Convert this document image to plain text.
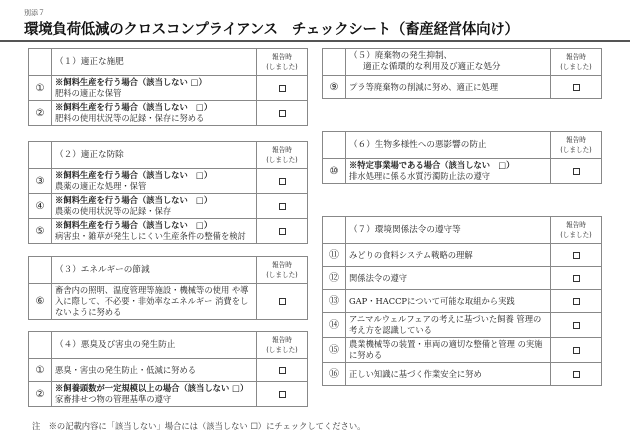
別添７
環境負荷低減のクロスコンプライアンス　チェックシート（畜産経営体向け）
	（１）適正な施肥	報告時
(しました)
①	※飼料生産を行う場合（該当しない □）
肥料の適正な保管	

②	※飼料生産を行う場合（該当しない　□）
肥料の使用状況等の記録・保存に努める	

	（２）適正な防除	報告時
(しました)
③	※飼料生産を行う場合（該当しない　□）
農薬の適正な処理・保管	

④	※飼料生産を行う場合（該当しない　□）
農薬の使用状況等の記録・保存	

⑤	※飼料生産を行う場合（該当しない　□）
病害虫・雑草が発生しにくい生産条件の整備を検討	

	（３）エネルギーの節減	報告時
(しました)
⑥	畜舎内の照明、温度管理等施設・機械等の使用 や導入に際して、不必要・非効率なエネルギー 消費をしないように努める	

	（４）悪臭及び害虫の発生防止	報告時
(しました)
①	悪臭・害虫の発生防止・低減に努める	

②	※飼養頭数が一定規模以上の場合（該当しない □）
家畜排せつ物の管理基準の遵守	

	（５）廃棄物の発生抑制、
適正な循環的な利用及び適正な処分	報告時
(しました)
⑨	プラ等廃棄物の削減に努め、適正に処理	

	（６）生物多様性への悪影響の防止	報告時
(しました)
⑩	※特定事業場である場合（該当しない　□）
排水処理に係る水質汚濁防止法の遵守	

	（７）環境関係法令の遵守等	報告時
(しました)
⑪	みどりの食料システム戦略の理解	

⑫	関係法令の遵守	

⑬	GAP・HACCPについて可能な取組から実践	

⑭	アニマルウェルフェアの考えに基づいた飼養 管理の考え方を認識している	

⑮	農業機械等の装置・車両の適切な整備と管理 の実施に努める	

⑯	正しい知識に基づく作業安全に努め	

注　※の記載内容に「該当しない」場合には（該当しない ☐）にチェックしてください。
